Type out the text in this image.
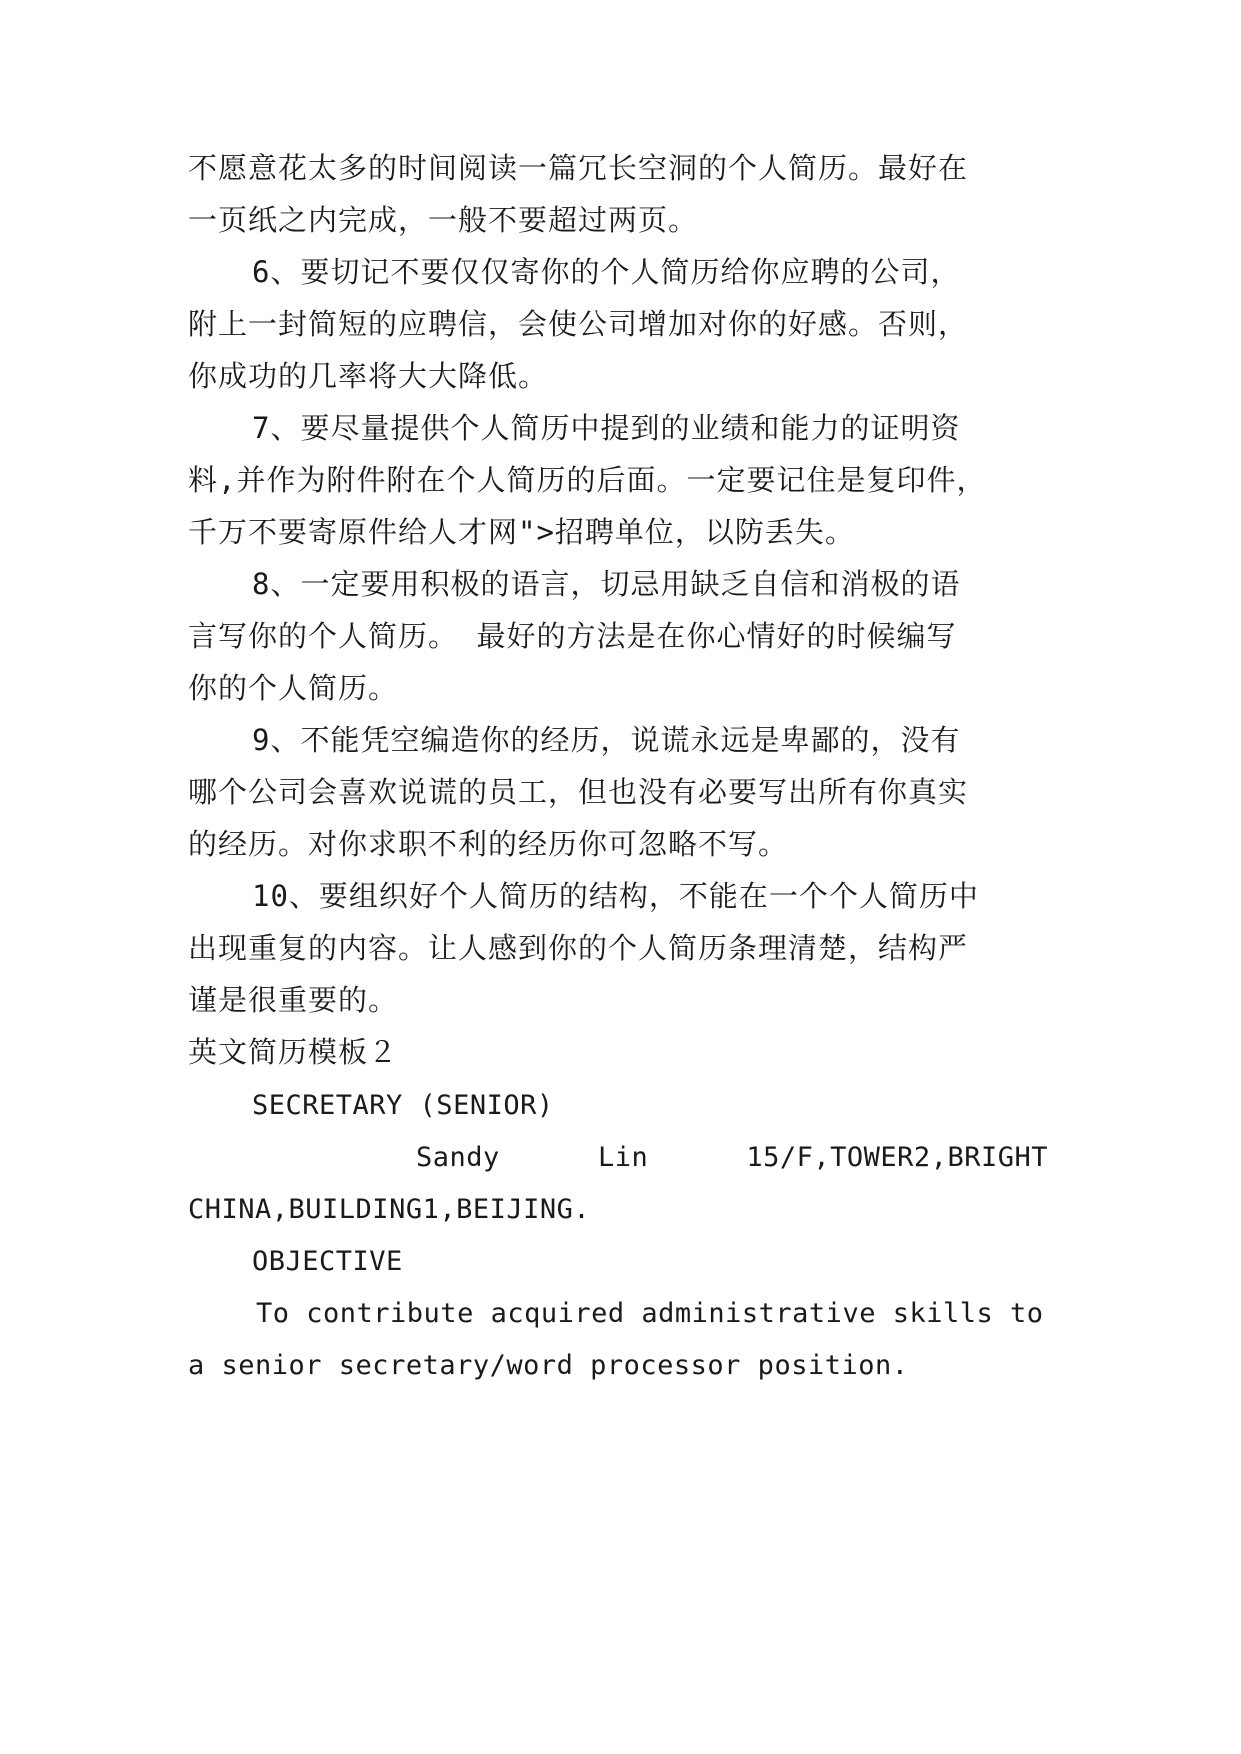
不愿意花太多的时间阅读一篇冗长空洞的个人简历。最好在
一页纸之内完成，一般不要超过两页。
6、要切记不要仅仅寄你的个人简历给你应聘的公司，
附上一封简短的应聘信，会使公司增加对你的好感。否则，
你成功的几率将大大降低。
7、要尽量提供个人简历中提到的业绩和能力的证明资
料,并作为附件附在个人简历的后面。一定要记住是复印件，
千万不要寄原件给人才网">招聘单位，以防丢失。
8、一定要用积极的语言，切忌用缺乏自信和消极的语
言写你的个人简历。 最好的方法是在你心情好的时候编写
你的个人简历。
9、不能凭空编造你的经历，说谎永远是卑鄙的，没有
哪个公司会喜欢说谎的员工，但也没有必要写出所有你真实
的经历。对你求职不利的经历你可忽略不写。
10、要组织好个人简历的结构，不能在一个个人简历中
出现重复的内容。让人感到你的个人简历条理清楚，结构严
谨是很重要的。
英文简历模板２
SECRETARY (SENIOR)
Sandy	Lin	15/F,TOWER2,BRIGHT
CHINA,BUILDING1,BEIJING.
OBJECTIVE
To contribute acquired administrative skills to
a senior secretary/word processor position.
